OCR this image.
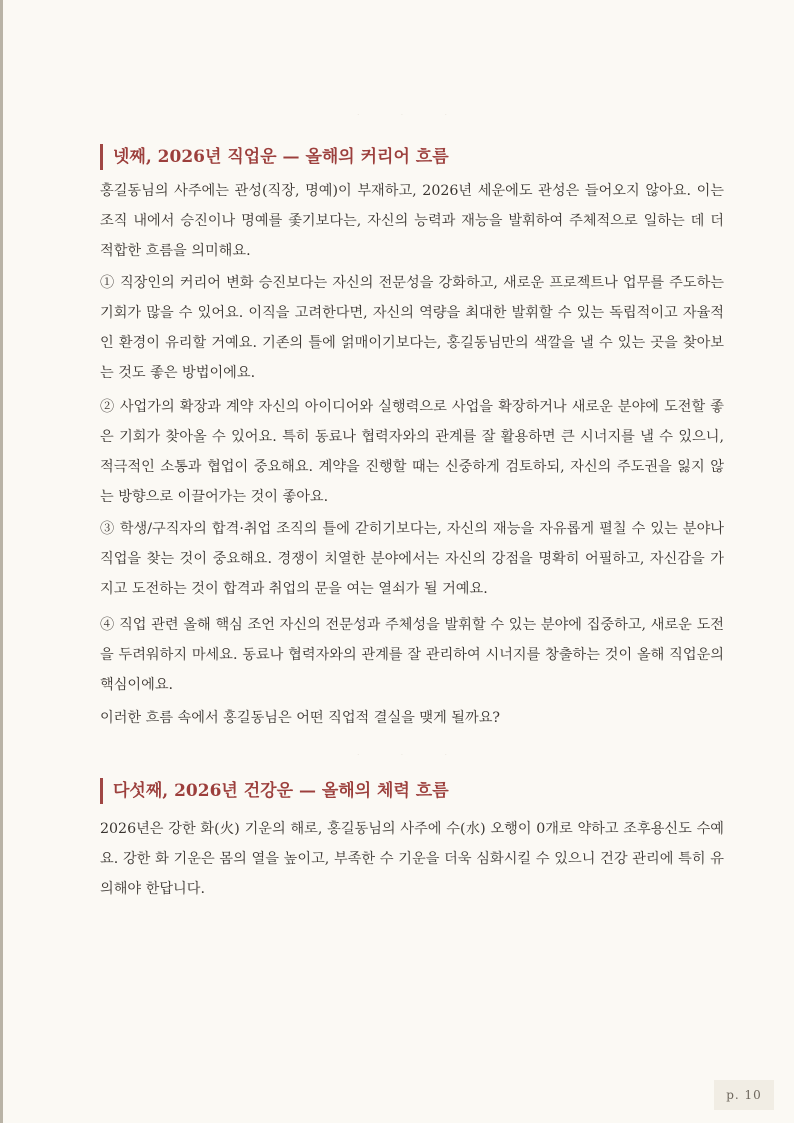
· · ·
넷째, 2026년 직업운 — 올해의 커리어 흐름

홍길동님의 사주에는 관성(직장, 명예)이 부재하고, 2026년 세운에도 관성은 들어오지 않아요. 이는 조직 내에서 승진이나 명예를 좇기보다는, 자신의 능력과 재능을 발휘하여 주체적으로 일하는 데 더 적합한 흐름을 의미해요.

① 직장인의 커리어 변화 승진보다는 자신의 전문성을 강화하고, 새로운 프로젝트나 업무를 주도하는 기회가 많을 수 있어요. 이직을 고려한다면, 자신의 역량을 최대한 발휘할 수 있는 독립적이고 자율적인 환경이 유리할 거예요. 기존의 틀에 얽매이기보다는, 홍길동님만의 색깔을 낼 수 있는 곳을 찾아보는 것도 좋은 방법이에요.

② 사업가의 확장과 계약 자신의 아이디어와 실행력으로 사업을 확장하거나 새로운 분야에 도전할 좋은 기회가 찾아올 수 있어요. 특히 동료나 협력자와의 관계를 잘 활용하면 큰 시너지를 낼 수 있으니, 적극적인 소통과 협업이 중요해요. 계약을 진행할 때는 신중하게 검토하되, 자신의 주도권을 잃지 않는 방향으로 이끌어가는 것이 좋아요.

③ 학생/구직자의 합격·취업 조직의 틀에 갇히기보다는, 자신의 재능을 자유롭게 펼칠 수 있는 분야나 직업을 찾는 것이 중요해요. 경쟁이 치열한 분야에서는 자신의 강점을 명확히 어필하고, 자신감을 가지고 도전하는 것이 합격과 취업의 문을 여는 열쇠가 될 거예요.

④ 직업 관련 올해 핵심 조언 자신의 전문성과 주체성을 발휘할 수 있는 분야에 집중하고, 새로운 도전을 두려워하지 마세요. 동료나 협력자와의 관계를 잘 관리하여 시너지를 창출하는 것이 올해 직업운의 핵심이에요.

이러한 흐름 속에서 홍길동님은 어떤 직업적 결실을 맺게 될까요?

· · ·
다섯째, 2026년 건강운 — 올해의 체력 흐름

2026년은 강한 화(火) 기운의 해로, 홍길동님의 사주에 수(水) 오행이 0개로 약하고 조후용신도 수예요. 강한 화 기운은 몸의 열을 높이고, 부족한 수 기운을 더욱 심화시킬 수 있으니 건강 관리에 특히 유의해야 한답니다.

p. 10
